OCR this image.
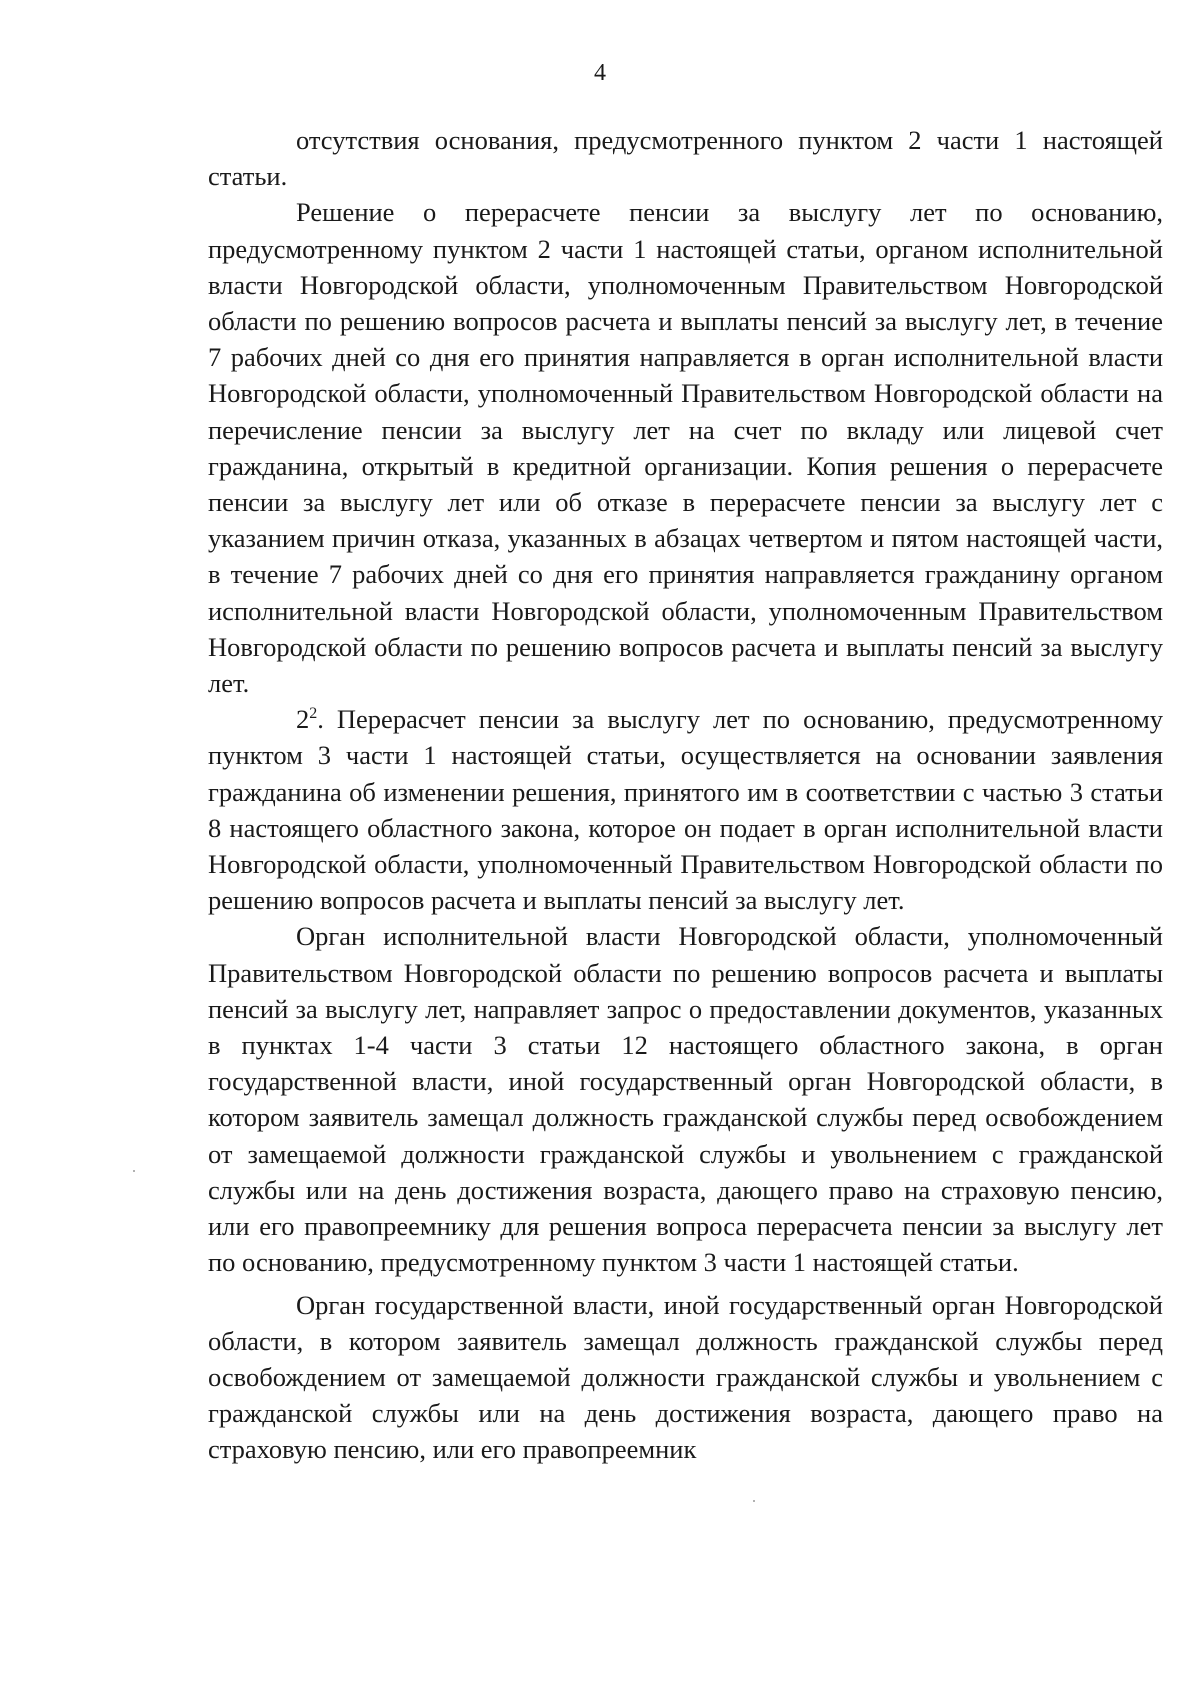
4

отсутствия основания, предусмотренного пунктом 2 части 1 настоящей статьи.

Решение о перерасчете пенсии за выслугу лет по основанию, предусмотренному пунктом 2 части 1 настоящей статьи, органом исполнительной власти Новгородской области, уполномоченным Правительством Новгородской области по решению вопросов расчета и выплаты пенсий за выслугу лет, в течение 7 рабочих дней со дня его принятия направляется в орган исполнительной власти Новгородской области, уполномоченный Правительством Новгородской области на перечисление пенсии за выслугу лет на счет по вкладу или лицевой счет гражданина, открытый в кредитной организации. Копия решения о перерасчете пенсии за выслугу лет или об отказе в перерасчете пенсии за выслугу лет с указанием причин отказа, указанных в абзацах четвертом и пятом настоящей части, в течение 7 рабочих дней со дня его принятия направляется гражданину органом исполнительной власти Новгородской области, уполномоченным Правительством Новгородской области по решению вопросов расчета и выплаты пенсий за выслугу лет.

$2^2$. Перерасчет пенсии за выслугу лет по основанию, предусмотренному пунктом 3 части 1 настоящей статьи, осуществляется на основании заявления гражданина об изменении решения, принятого им в соответствии с частью 3 статьи 8 настоящего областного закона, которое он подает в орган исполнительной власти Новгородской области, уполномоченный Правительством Новгородской области по решению вопросов расчета и выплаты пенсий за выслугу лет.

Орган исполнительной власти Новгородской области, уполномоченный Правительством Новгородской области по решению вопросов расчета и выплаты пенсий за выслугу лет, направляет запрос о предоставлении документов, указанных в пунктах 1-4 части 3 статьи 12 настоящего областного закона, в орган государственной власти, иной государственный орган Новгородской области, в котором заявитель замещал должность гражданской службы перед освобождением от замещаемой должности гражданской службы и увольнением с гражданской службы или на день достижения возраста, дающего право на страховую пенсию, или его правопреемнику для решения вопроса перерасчета пенсии за выслугу лет по основанию, предусмотренному пунктом 3 части 1 настоящей статьи.

Орган государственной власти, иной государственный орган Новгородской области, в котором заявитель замещал должность гражданской службы перед освобождением от замещаемой должности гражданской службы и увольнением с гражданской службы или на день достижения возраста, дающего право на страховую пенсию, или его правопреемник
